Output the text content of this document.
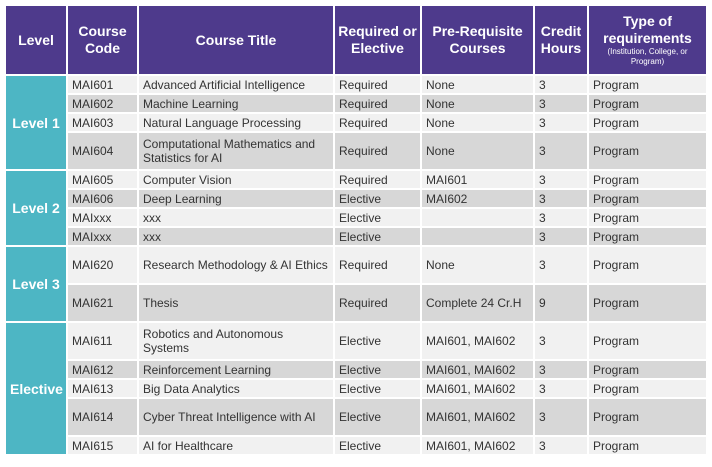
Level	Course Code	Course Title	Required or Elective	Pre-Requisite Courses	Credit Hours	Type of requirements
(Institution, College, or Program)

Level 1	MAI601	Advanced Artificial Intelligence	Required	None	3	Program
	MAI602	Machine Learning	Required	None	3	Program
	MAI603	Natural Language Processing	Required	None	3	Program
	MAI604	Computational Mathematics and Statistics for AI	Required	None	3	Program
Level 2	MAI605	Computer Vision	Required	MAI601	3	Program
	MAI606	Deep Learning	Elective	MAI602	3	Program
	MAIxxx	xxx	Elective		3	Program
	MAIxxx	xxx	Elective		3	Program
Level 3	MAI620	Research Methodology & AI Ethics	Required	None	3	Program
	MAI621	Thesis	Required	Complete 24 Cr.H	9	Program
Elective	MAI611	Robotics and Autonomous Systems	Elective	MAI601, MAI602	3	Program
	MAI612	Reinforcement Learning	Elective	MAI601, MAI602	3	Program
	MAI613	Big Data Analytics	Elective	MAI601, MAI602	3	Program
	MAI614	Cyber Threat Intelligence with AI	Elective	MAI601, MAI602	3	Program
	MAI615	AI for Healthcare	Elective	MAI601, MAI602	3	Program
